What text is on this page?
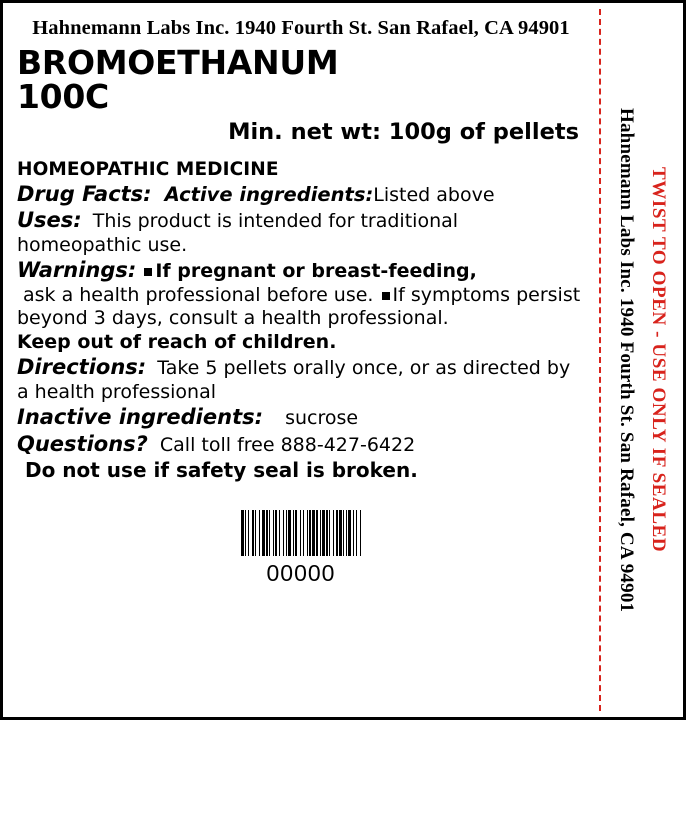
Hahnemann Labs Inc. 1940 Fourth St. San Rafael, CA 94901
BROMOETHANUM
100C
Min. net wt: 100g of pellets
HOMEOPATHIC MEDICINE

Drug Facts: Active ingredients:Listed above

Uses: This product is intended for traditional homeopathic use.

Warnings: If pregnant or breast-feeding, ask a health professional before use. If symptoms persist beyond 3 days, consult a health professional.

Keep out of reach of children.

Directions: Take 5 pellets orally once, or as directed by a health professional

Inactive ingredients: sucrose

Questions? Call toll free 888-427-6422

Do not use if safety seal is broken.

00000	Hahnemann Labs Inc. 1940 Fourth St. San Rafael, CA 94901 TWIST TO OPEN - USE ONLY IF SEALED
